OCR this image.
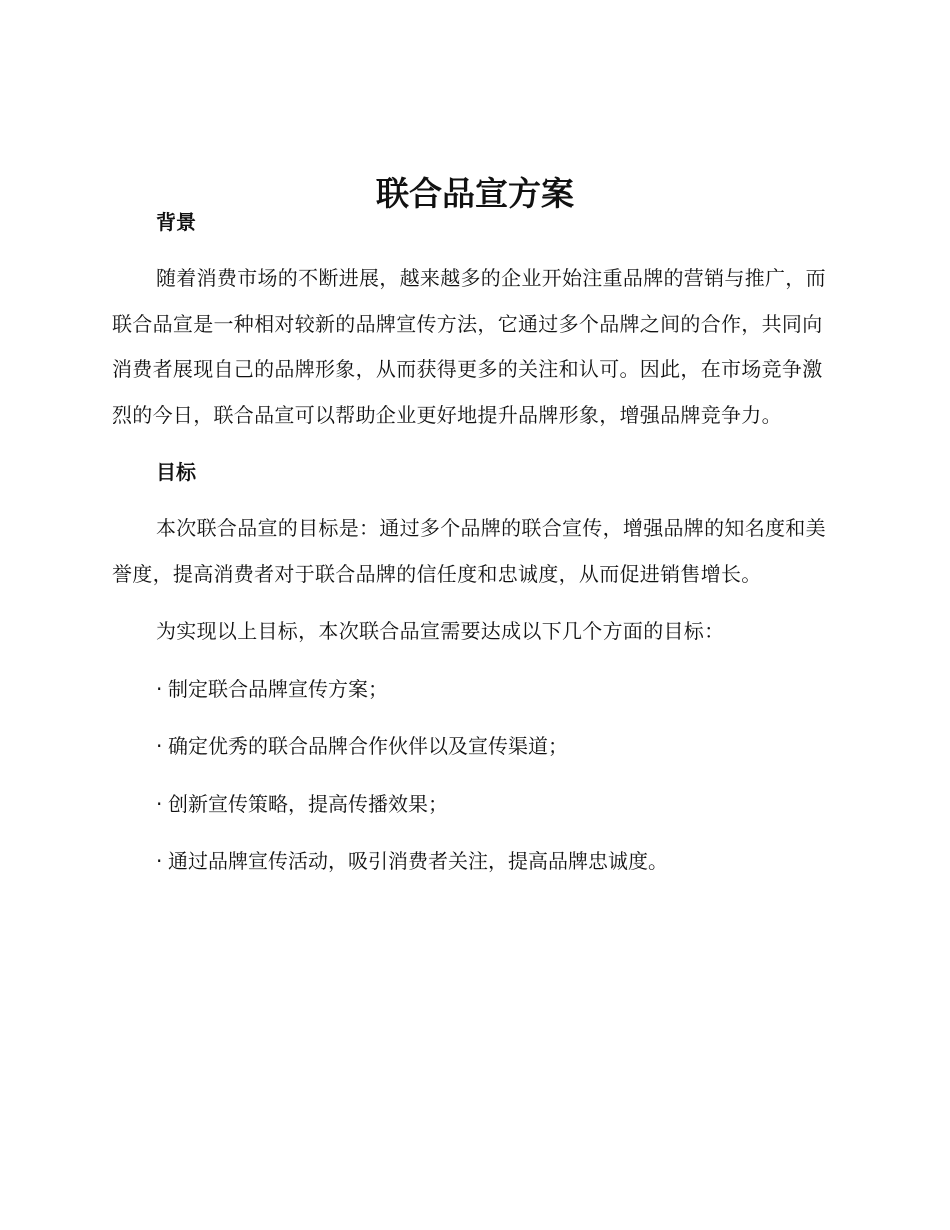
联合品宣方案
背景

随着消费市场的不断进展，越来越多的企业开始注重品牌的营销与推广，而联合品宣是一种相对较新的品牌宣传方法，它通过多个品牌之间的合作，共同向消费者展现自己的品牌形象，从而获得更多的关注和认可。因此，在市场竞争激烈的今日，联合品宣可以帮助企业更好地提升品牌形象，增强品牌竞争力。

目标

本次联合品宣的目标是：通过多个品牌的联合宣传，增强品牌的知名度和美誉度，提高消费者对于联合品牌的信任度和忠诚度，从而促进销售增长。

为实现以上目标，本次联合品宣需要达成以下几个方面的目标：

· 制定联合品牌宣传方案；
· 确定优秀的联合品牌合作伙伴以及宣传渠道；
· 创新宣传策略，提高传播效果；
· 通过品牌宣传活动，吸引消费者关注，提高品牌忠诚度。
